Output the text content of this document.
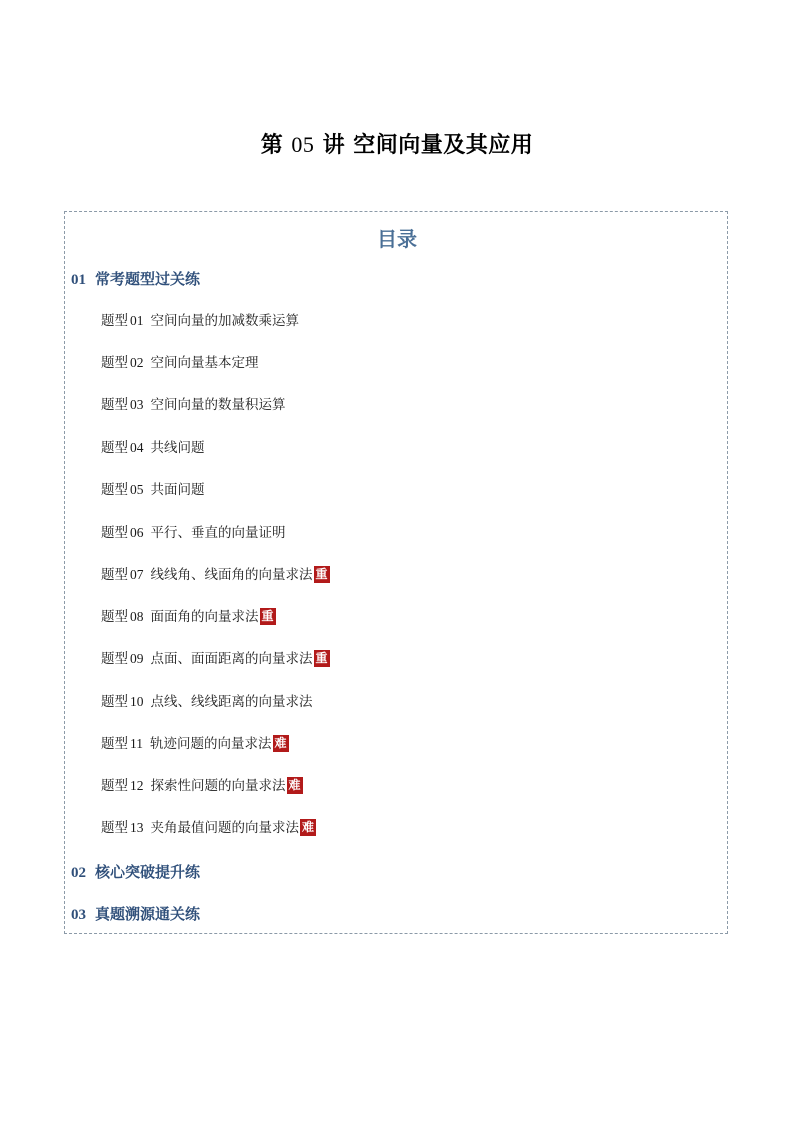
第 05 讲 空间向量及其应用
目录
01 常考题型过关练
题型 01 空间向量的加减数乘运算
题型 02 空间向量基本定理
题型 03 空间向量的数量积运算
题型 04 共线问题
题型 05 共面问题
题型 06 平行、垂直的向量证明
题型 07 线线角、线面角的向量求法 重
题型 08 面面角的向量求法 重
题型 09 点面、面面距离的向量求法 重
题型 10 点线、线线距离的向量求法
题型 11 轨迹问题的向量求法 难
题型 12 探索性问题的向量求法 难
题型 13 夹角最值问题的向量求法 难
02 核心突破提升练
03 真题溯源通关练
